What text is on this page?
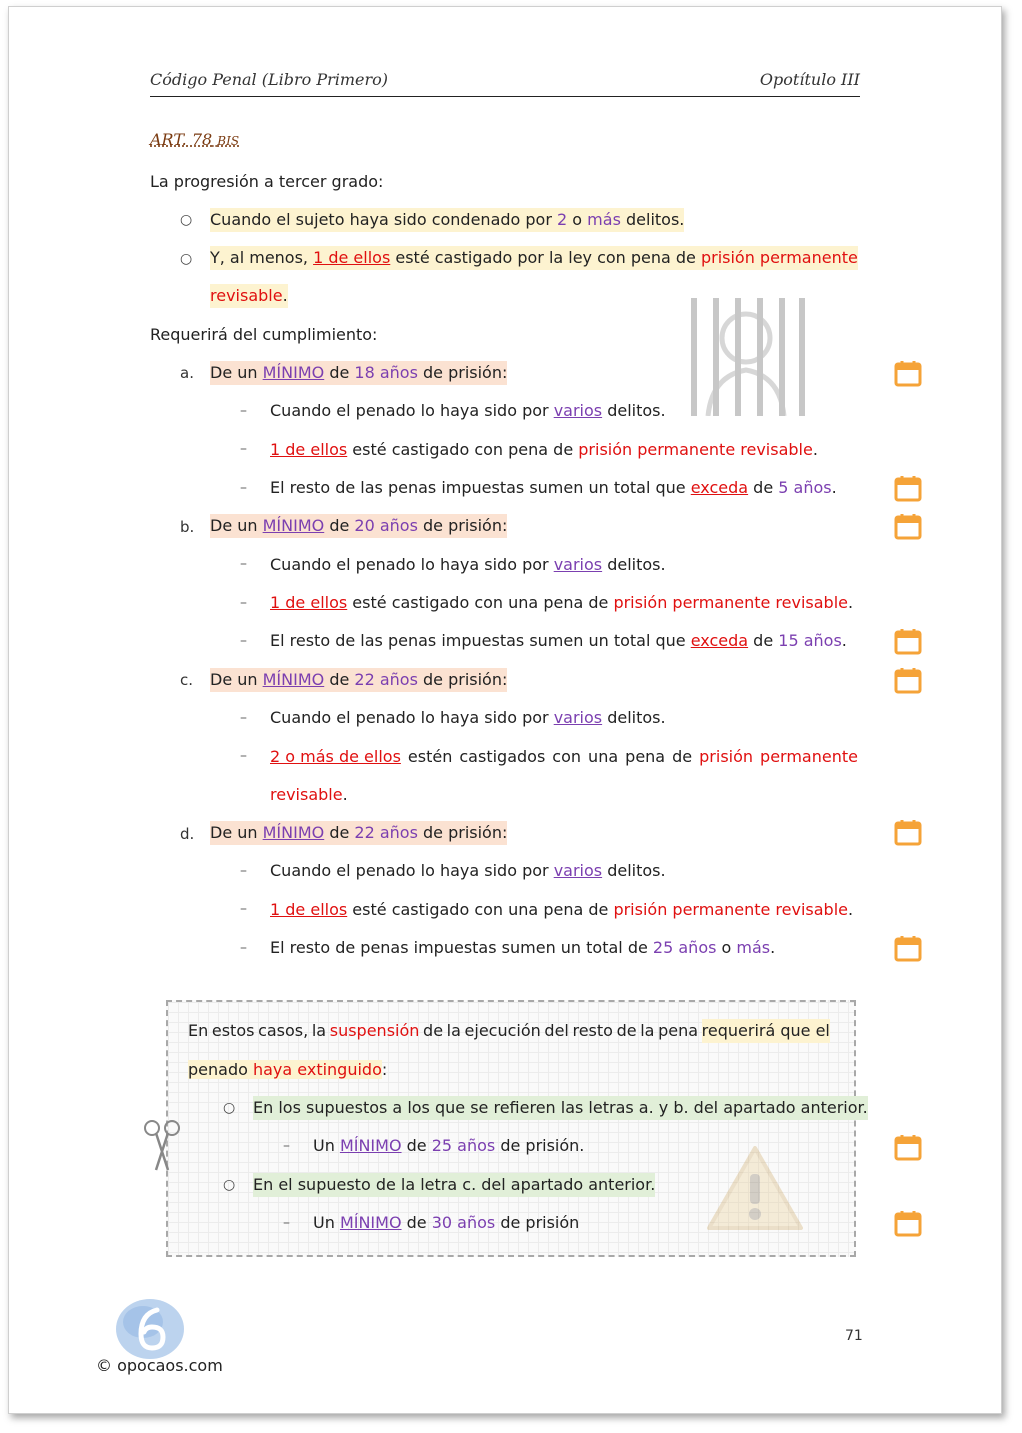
Código Penal (Libro Primero)	Opotítulo III
ART. 78 BIS
La progresión a tercer grado:
○ Cuando el sujeto haya sido condenado por 2 o más delitos.
○ Y, al menos, 1 de ellos esté castigado por la ley con pena de prisión permanente
revisable.
Requerirá del cumplimiento:
a. De un MÍNIMO de 18 años de prisión:
– Cuando el penado lo haya sido por varios delitos.
– 1 de ellos esté castigado con pena de prisión permanente revisable.
– El resto de las penas impuestas sumen un total que exceda de 5 años.
b. De un MÍNIMO de 20 años de prisión:
– Cuando el penado lo haya sido por varios delitos.
– 1 de ellos esté castigado con una pena de prisión permanente revisable.
– El resto de las penas impuestas sumen un total que exceda de 15 años.
c. De un MÍNIMO de 22 años de prisión:
– Cuando el penado lo haya sido por varios delitos.
– 2 o más de ellos estén castigados con una pena de prisión permanente
revisable.
d. De un MÍNIMO de 22 años de prisión:
– Cuando el penado lo haya sido por varios delitos.
– 1 de ellos esté castigado con una pena de prisión permanente revisable.
– El resto de penas impuestas sumen un total de 25 años o más.
En estos casos, la suspensión de la ejecución del resto de la pena requerirá que el
penado haya extinguido:
○ En los supuestos a los que se refieren las letras a. y b. del apartado anterior.
– Un MÍNIMO de 25 años de prisión.
○ En el supuesto de la letra c. del apartado anterior.
– Un MÍNIMO de 30 años de prisión
71
© opocaos.com
